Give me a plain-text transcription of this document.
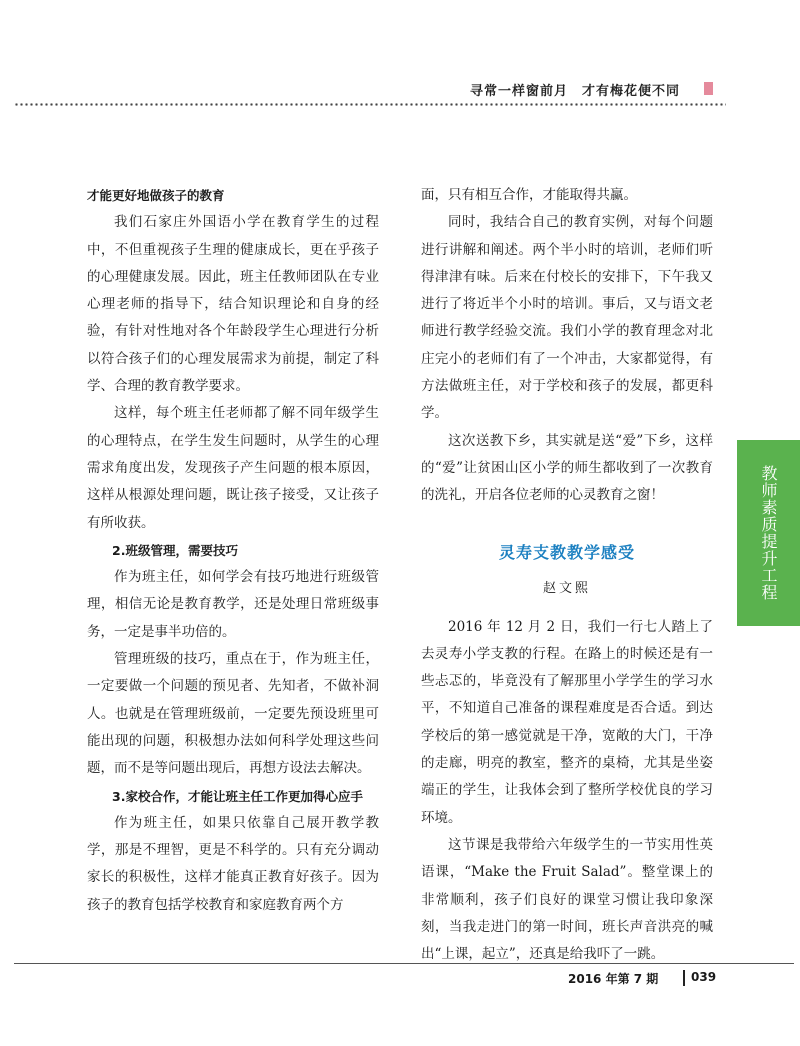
寻常一样窗前月　才有梅花便不同

才能更好地做孩子的教育

我们石家庄外国语小学在教育学生的过程中，不但重视孩子生理的健康成长，更在乎孩子的心理健康发展。因此，班主任教师团队在专业心理老师的指导下，结合知识理论和自身的经验，有针对性地对各个年龄段学生心理进行分析以符合孩子们的心理发展需求为前提，制定了科学、合理的教育教学要求。

这样，每个班主任老师都了解不同年级学生的心理特点，在学生发生问题时，从学生的心理需求角度出发，发现孩子产生问题的根本原因，这样从根源处理问题，既让孩子接受，又让孩子有所收获。

2.班级管理，需要技巧

作为班主任，如何学会有技巧地进行班级管理，相信无论是教育教学，还是处理日常班级事务，一定是事半功倍的。

管理班级的技巧，重点在于，作为班主任，一定要做一个问题的预见者、先知者，不做补洞人。也就是在管理班级前，一定要先预设班里可能出现的问题，积极想办法如何科学处理这些问题，而不是等问题出现后，再想方设法去解决。

3.家校合作，才能让班主任工作更加得心应手

作为班主任，如果只依靠自己展开教学教学，那是不理智，更是不科学的。只有充分调动家长的积极性，这样才能真正教育好孩子。因为孩子的教育包括学校教育和家庭教育两个方

面，只有相互合作，才能取得共赢。

同时，我结合自己的教育实例，对每个问题进行讲解和阐述。两个半小时的培训，老师们听得津津有味。后来在付校长的安排下，下午我又进行了将近半个小时的培训。事后，又与语文老师进行教学经验交流。我们小学的教育理念对北庄完小的老师们有了一个冲击，大家都觉得，有方法做班主任，对于学校和孩子的发展，都更科学。

这次送教下乡，其实就是送“爱”下乡，这样的“爱”让贫困山区小学的师生都收到了一次教育的洗礼，开启各位老师的心灵教育之窗！

灵寿支教教学感受
赵文熙

2016 年 12 月 2 日，我们一行七人踏上了去灵寿小学支教的行程。在路上的时候还是有一些忐忑的，毕竟没有了解那里小学学生的学习水平，不知道自己准备的课程难度是否合适。到达学校后的第一感觉就是干净，宽敞的大门，干净的走廊，明亮的教室，整齐的桌椅，尤其是坐姿端正的学生，让我体会到了整所学校优良的学习环境。

这节课是我带给六年级学生的一节实用性英语课，“Make the Fruit Salad”。整堂课上的非常顺利，孩子们良好的课堂习惯让我印象深刻，当我走进门的第一时间，班长声音洪亮的喊出“上课，起立”，还真是给我吓了一跳。

教师素质提升工程
2016 年第 7 期	039
